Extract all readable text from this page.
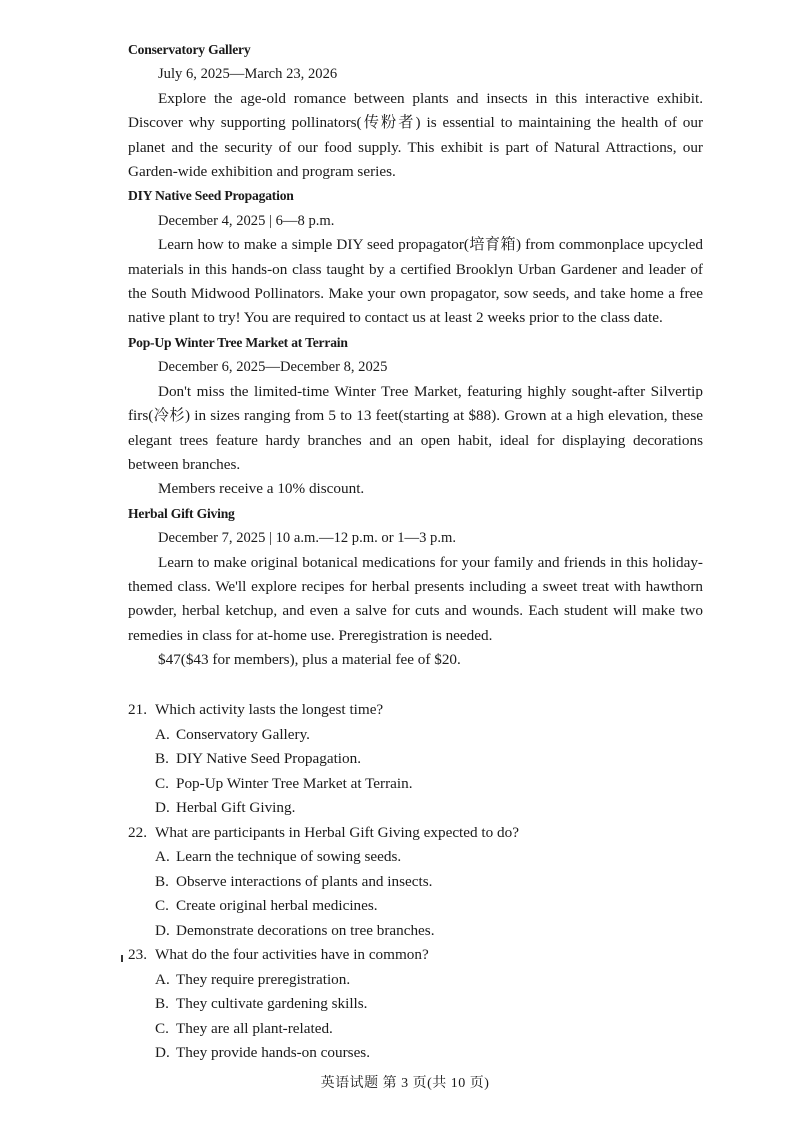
Conservatory Gallery

July 6, 2025—March 23, 2026

Explore the age-old romance between plants and insects in this interactive exhibit. Discover why supporting pollinators(传粉者) is essential to maintaining the health of our planet and the security of our food supply. This exhibit is part of Natural Attractions, our Garden-wide exhibition and program series.

DIY Native Seed Propagation

December 4, 2025 | 6—8 p.m.

Learn how to make a simple DIY seed propagator(培育箱) from commonplace upcycled materials in this hands-on class taught by a certified Brooklyn Urban Gardener and leader of the South Midwood Pollinators. Make your own propagator, sow seeds, and take home a free native plant to try! You are required to contact us at least 2 weeks prior to the class date.

Pop-Up Winter Tree Market at Terrain

December 6, 2025—December 8, 2025

Don't miss the limited-time Winter Tree Market, featuring highly sought-after Silvertip firs(冷杉) in sizes ranging from 5 to 13 feet(starting at $88). Grown at a high elevation, these elegant trees feature hardy branches and an open habit, ideal for displaying decorations between branches.

Members receive a 10% discount.

Herbal Gift Giving

December 7, 2025 | 10 a.m.—12 p.m. or 1—3 p.m.

Learn to make original botanical medications for your family and friends in this holiday-themed class. We'll explore recipes for herbal presents including a sweet treat with hawthorn powder, herbal ketchup, and even a salve for cuts and wounds. Each student will make two remedies in class for at-home use. Preregistration is needed.

$47($43 for members), plus a material fee of $20.

21. Which activity lasts the longest time?

A. Conservatory Gallery.

B. DIY Native Seed Propagation.

C. Pop-Up Winter Tree Market at Terrain.

D. Herbal Gift Giving.

22. What are participants in Herbal Gift Giving expected to do?

A. Learn the technique of sowing seeds.

B. Observe interactions of plants and insects.

C. Create original herbal medicines.

D. Demonstrate decorations on tree branches.

23. What do the four activities have in common?

A. They require preregistration.

B. They cultivate gardening skills.

C. They are all plant-related.

D. They provide hands-on courses.

英语试题 第 3 页(共 10 页)
